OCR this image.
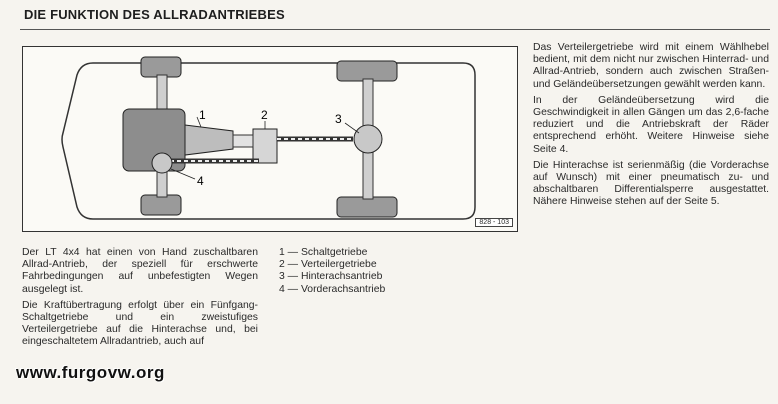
DIE FUNKTION DES ALLRADANTRIEBES
1	2	3
4
828 - 103

Das Verteilergetriebe wird mit einem Wählhebel bedient, mit dem nicht nur zwischen Hinterrad- und Allrad-Antrieb, sondern auch zwischen Straßen- und Geländeübersetzungen gewählt werden kann.

In der Geländeübersetzung wird die Geschwindigkeit in allen Gängen um das 2,6-fache reduziert und die Antriebskraft der Räder entsprechend erhöht. Weitere Hinweise siehe Seite 4.

Die Hinterachse ist serienmäßig (die Vorderachse auf Wunsch) mit einer pneumatisch zu- und abschaltbaren Differentialsperre ausgestattet. Nähere Hinweise stehen auf der Seite 5.

Der LT 4x4 hat einen von Hand zuschaltbaren Allrad-Antrieb, der speziell für erschwerte Fahrbedingungen auf unbefestigten Wegen ausgelegt ist.

Die Kraftübertragung erfolgt über ein Fünfgang-Schaltgetriebe und ein zweistufiges Verteilergetriebe auf die Hinterachse und, bei eingeschaltetem Allradantrieb, auch auf

1 — Schaltgetriebe
2 — Verteilergetriebe
3 — Hinterachsantrieb
4 — Vorderachsantrieb
www.furgovw.org
